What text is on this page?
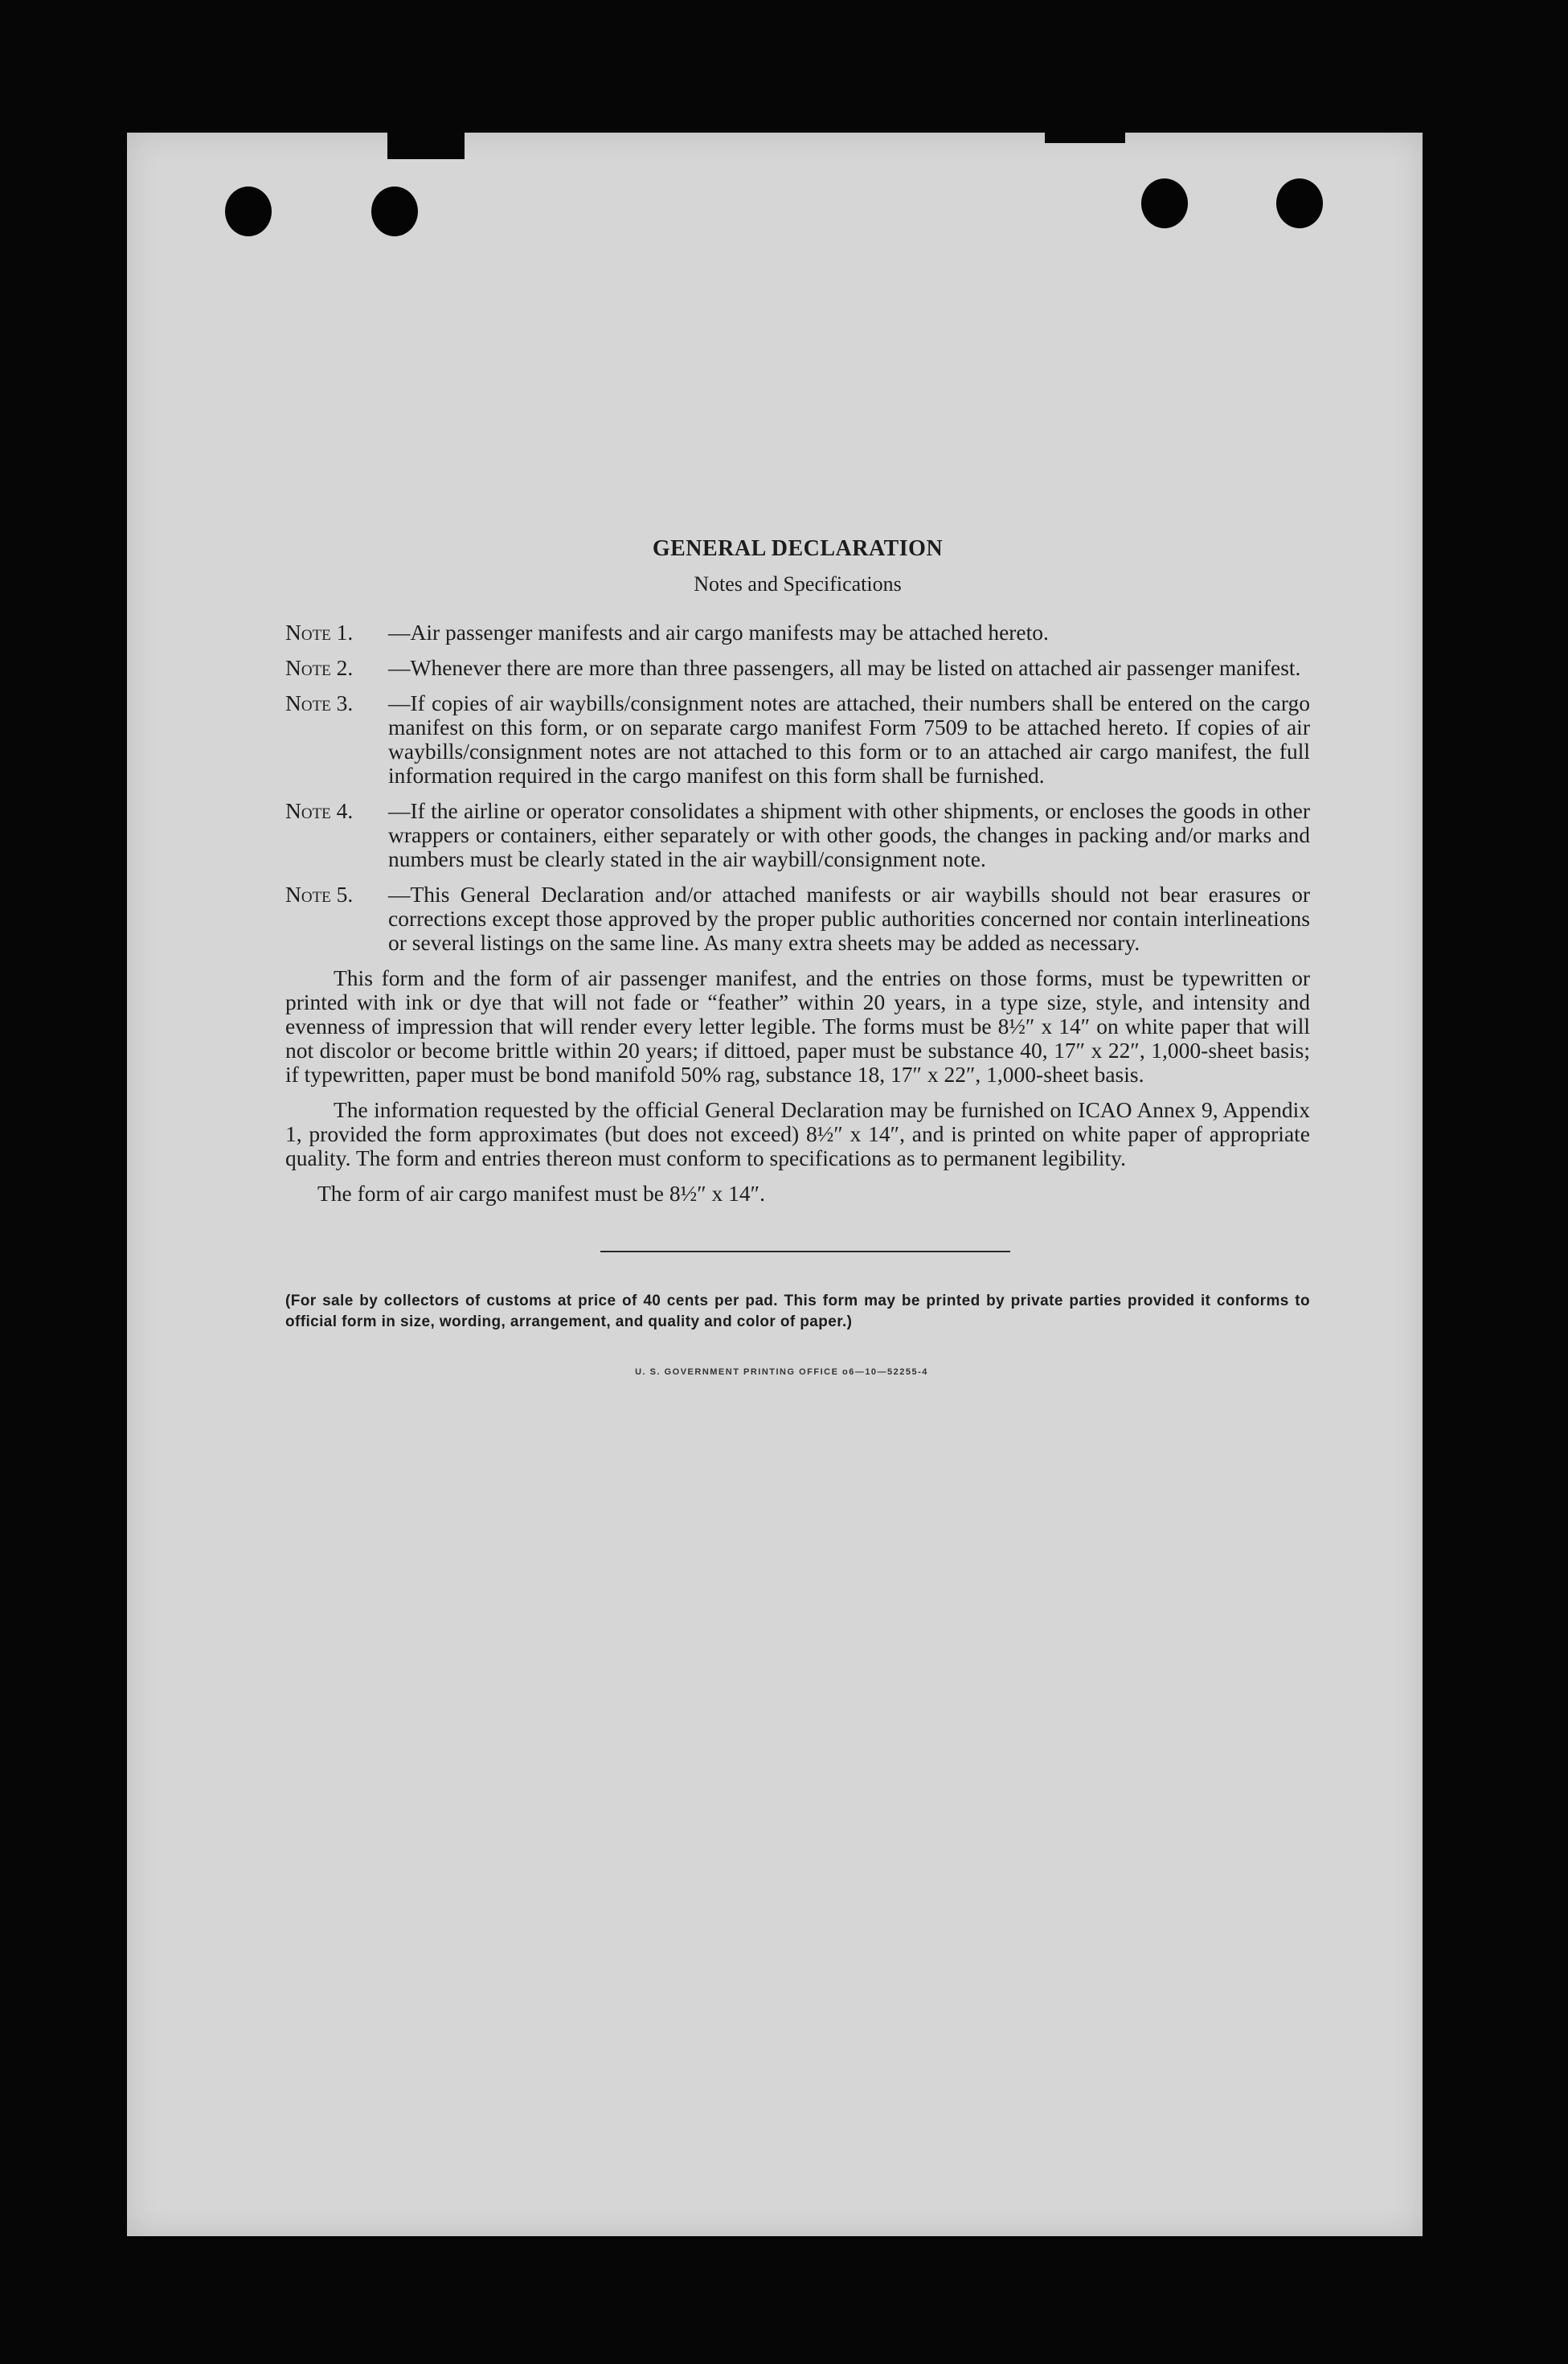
GENERAL DECLARATION
Notes and Specifications
Note 1.	—Air passenger manifests and air cargo manifests may be attached hereto.
Note 2.	—Whenever there are more than three passengers, all may be listed on attached air passenger manifest.
Note 3.	—If copies of air waybills/consignment notes are attached, their numbers shall be entered on the cargo manifest on this form, or on separate cargo manifest Form 7509 to be attached hereto. If copies of air waybills/consignment notes are not attached to this form or to an attached air cargo manifest, the full information required in the cargo manifest on this form shall be furnished.
Note 4.	—If the airline or operator consolidates a shipment with other shipments, or encloses the goods in other wrappers or containers, either separately or with other goods, the changes in packing and/or marks and numbers must be clearly stated in the air waybill/consignment note.
Note 5.	—This General Declaration and/or attached manifests or air waybills should not bear erasures or corrections except those approved by the proper public authorities concerned nor contain interlineations or several listings on the same line. As many extra sheets may be added as necessary.
This form and the form of air passenger manifest, and the entries on those forms, must be typewritten or printed with ink or dye that will not fade or “feather” within 20 years, in a type size, style, and intensity and evenness of impression that will render every letter legible. The forms must be 8½″ x 14″ on white paper that will not discolor or become brittle within 20 years; if dittoed, paper must be substance 40, 17″ x 22″, 1,000-sheet basis; if typewritten, paper must be bond manifold 50% rag, substance 18, 17″ x 22″, 1,000-sheet basis.
The information requested by the official General Declaration may be furnished on ICAO Annex 9, Appendix 1, provided the form approximates (but does not exceed) 8½″ x 14″, and is printed on white paper of appropriate quality. The form and entries thereon must conform to specifications as to permanent legibility.
The form of air cargo manifest must be 8½″ x 14″.
(For sale by collectors of customs at price of 40 cents per pad. This form may be printed by private parties provided it conforms to official form in size, wording, arrangement, and quality and color of paper.)
U. S. GOVERNMENT PRINTING OFFICE o6—10—52255-4
